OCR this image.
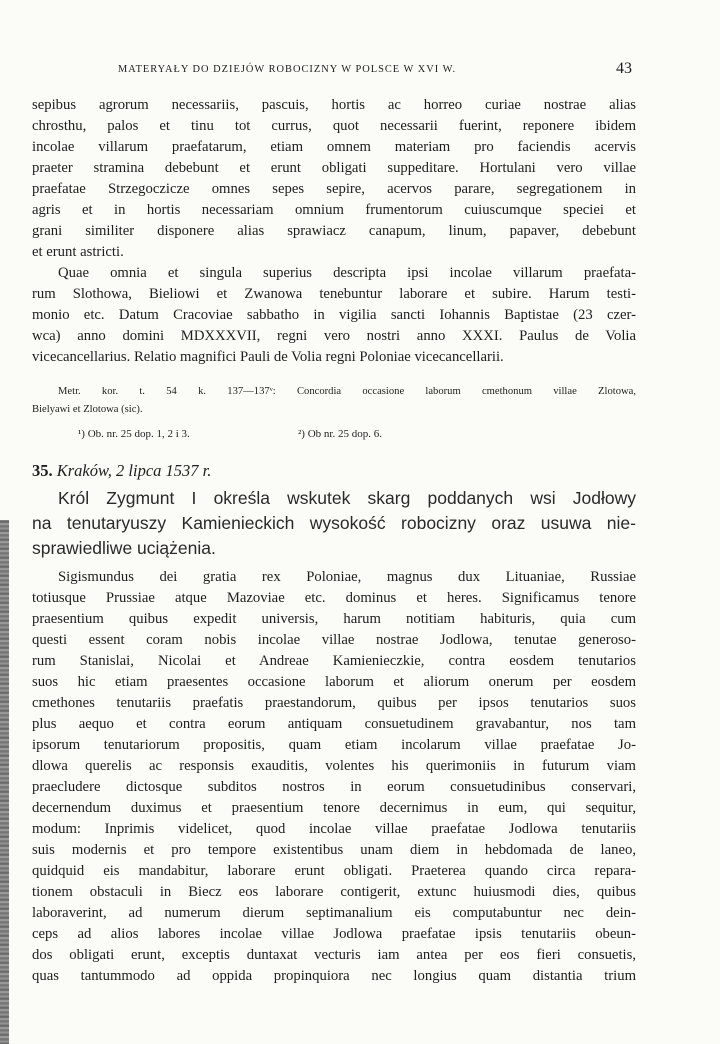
MATERYAŁY DO DZIEJÓW ROBOCIZNY W POLSCE W XVI W.	43
sepibus agrorum necessariis, pascuis, hortis ac horreo curiae nostrae alias
chrosthu, palos et tinu tot currus, quot necessarii fuerint, reponere ibidem
incolae villarum praefatarum, etiam omnem materiam pro faciendis acervis
praeter stramina debebunt et erunt obligati suppeditare. Hortulani vero villae
praefatae Strzegoczicze omnes sepes sepire, acervos parare, segregationem in
agris et in hortis necessariam omnium frumentorum cuiuscumque speciei et
grani similiter disponere alias sprawiacz canapum, linum, papaver, debebunt
et erunt astricti.
Quae omnia et singula superius descripta ipsi incolae villarum praefata-
rum Slothowa, Bieliowi et Zwanowa tenebuntur laborare et subire. Harum testi-
monio etc. Datum Cracoviae sabbatho in vigilia sancti Iohannis Baptistae (23 czer-
wca) anno domini MDXXXVII, regni vero nostri anno XXXI. Paulus de Volia
vicecancellarius. Relatio magnifici Pauli de Volia regni Poloniae vicecancellarii.
Metr. kor. t. 54 k. 137—137ᵛ: Concordia occasione laborum cmethonum villae Zlotowa,
Bielyawi et Zlotowa (sic).
¹) Ob. nr. 25 dop. 1, 2 i 3.	²) Ob nr. 25 dop. 6.
35. Kraków, 2 lipca 1537 r.
Król Zygmunt I określa wskutek skarg poddanych wsi Jodłowy
na tenutaryuszy Kamienieckich wysokość robocizny oraz usuwa nie-
sprawiedliwe uciążenia.
Sigismundus dei gratia rex Poloniae, magnus dux Lituaniae, Russiae
totiusque Prussiae atque Mazoviae etc. dominus et heres. Significamus tenore
praesentium quibus expedit universis, harum notitiam habituris, quia cum
questi essent coram nobis incolae villae nostrae Jodlowa, tenutae generoso-
rum Stanislai, Nicolai et Andreae Kamienieczkie, contra eosdem tenutarios
suos hic etiam praesentes occasione laborum et aliorum onerum per eosdem
cmethones tenutariis praefatis praestandorum, quibus per ipsos tenutarios suos
plus aequo et contra eorum antiquam consuetudinem gravabantur, nos tam
ipsorum tenutariorum propositis, quam etiam incolarum villae praefatae Jo-
dlowa querelis ac responsis exauditis, volentes his querimoniis in futurum viam
praecludere dictosque subditos nostros in eorum consuetudinibus conservari,
decernendum duximus et praesentium tenore decernimus in eum, qui sequitur,
modum: Inprimis videlicet, quod incolae villae praefatae Jodlowa tenutariis
suis modernis et pro tempore existentibus unam diem in hebdomada de laneo,
quidquid eis mandabitur, laborare erunt obligati. Praeterea quando circa repara-
tionem obstaculi in Biecz eos laborare contigerit, extunc huiusmodi dies, quibus
laboraverint, ad numerum dierum septimanalium eis computabuntur nec dein-
ceps ad alios labores incolae villae Jodlowa praefatae ipsis tenutariis obeun-
dos obligati erunt, exceptis duntaxat vecturis iam antea per eos fieri consuetis,
quas tantummodo ad oppida propinquiora nec longius quam distantia trium
